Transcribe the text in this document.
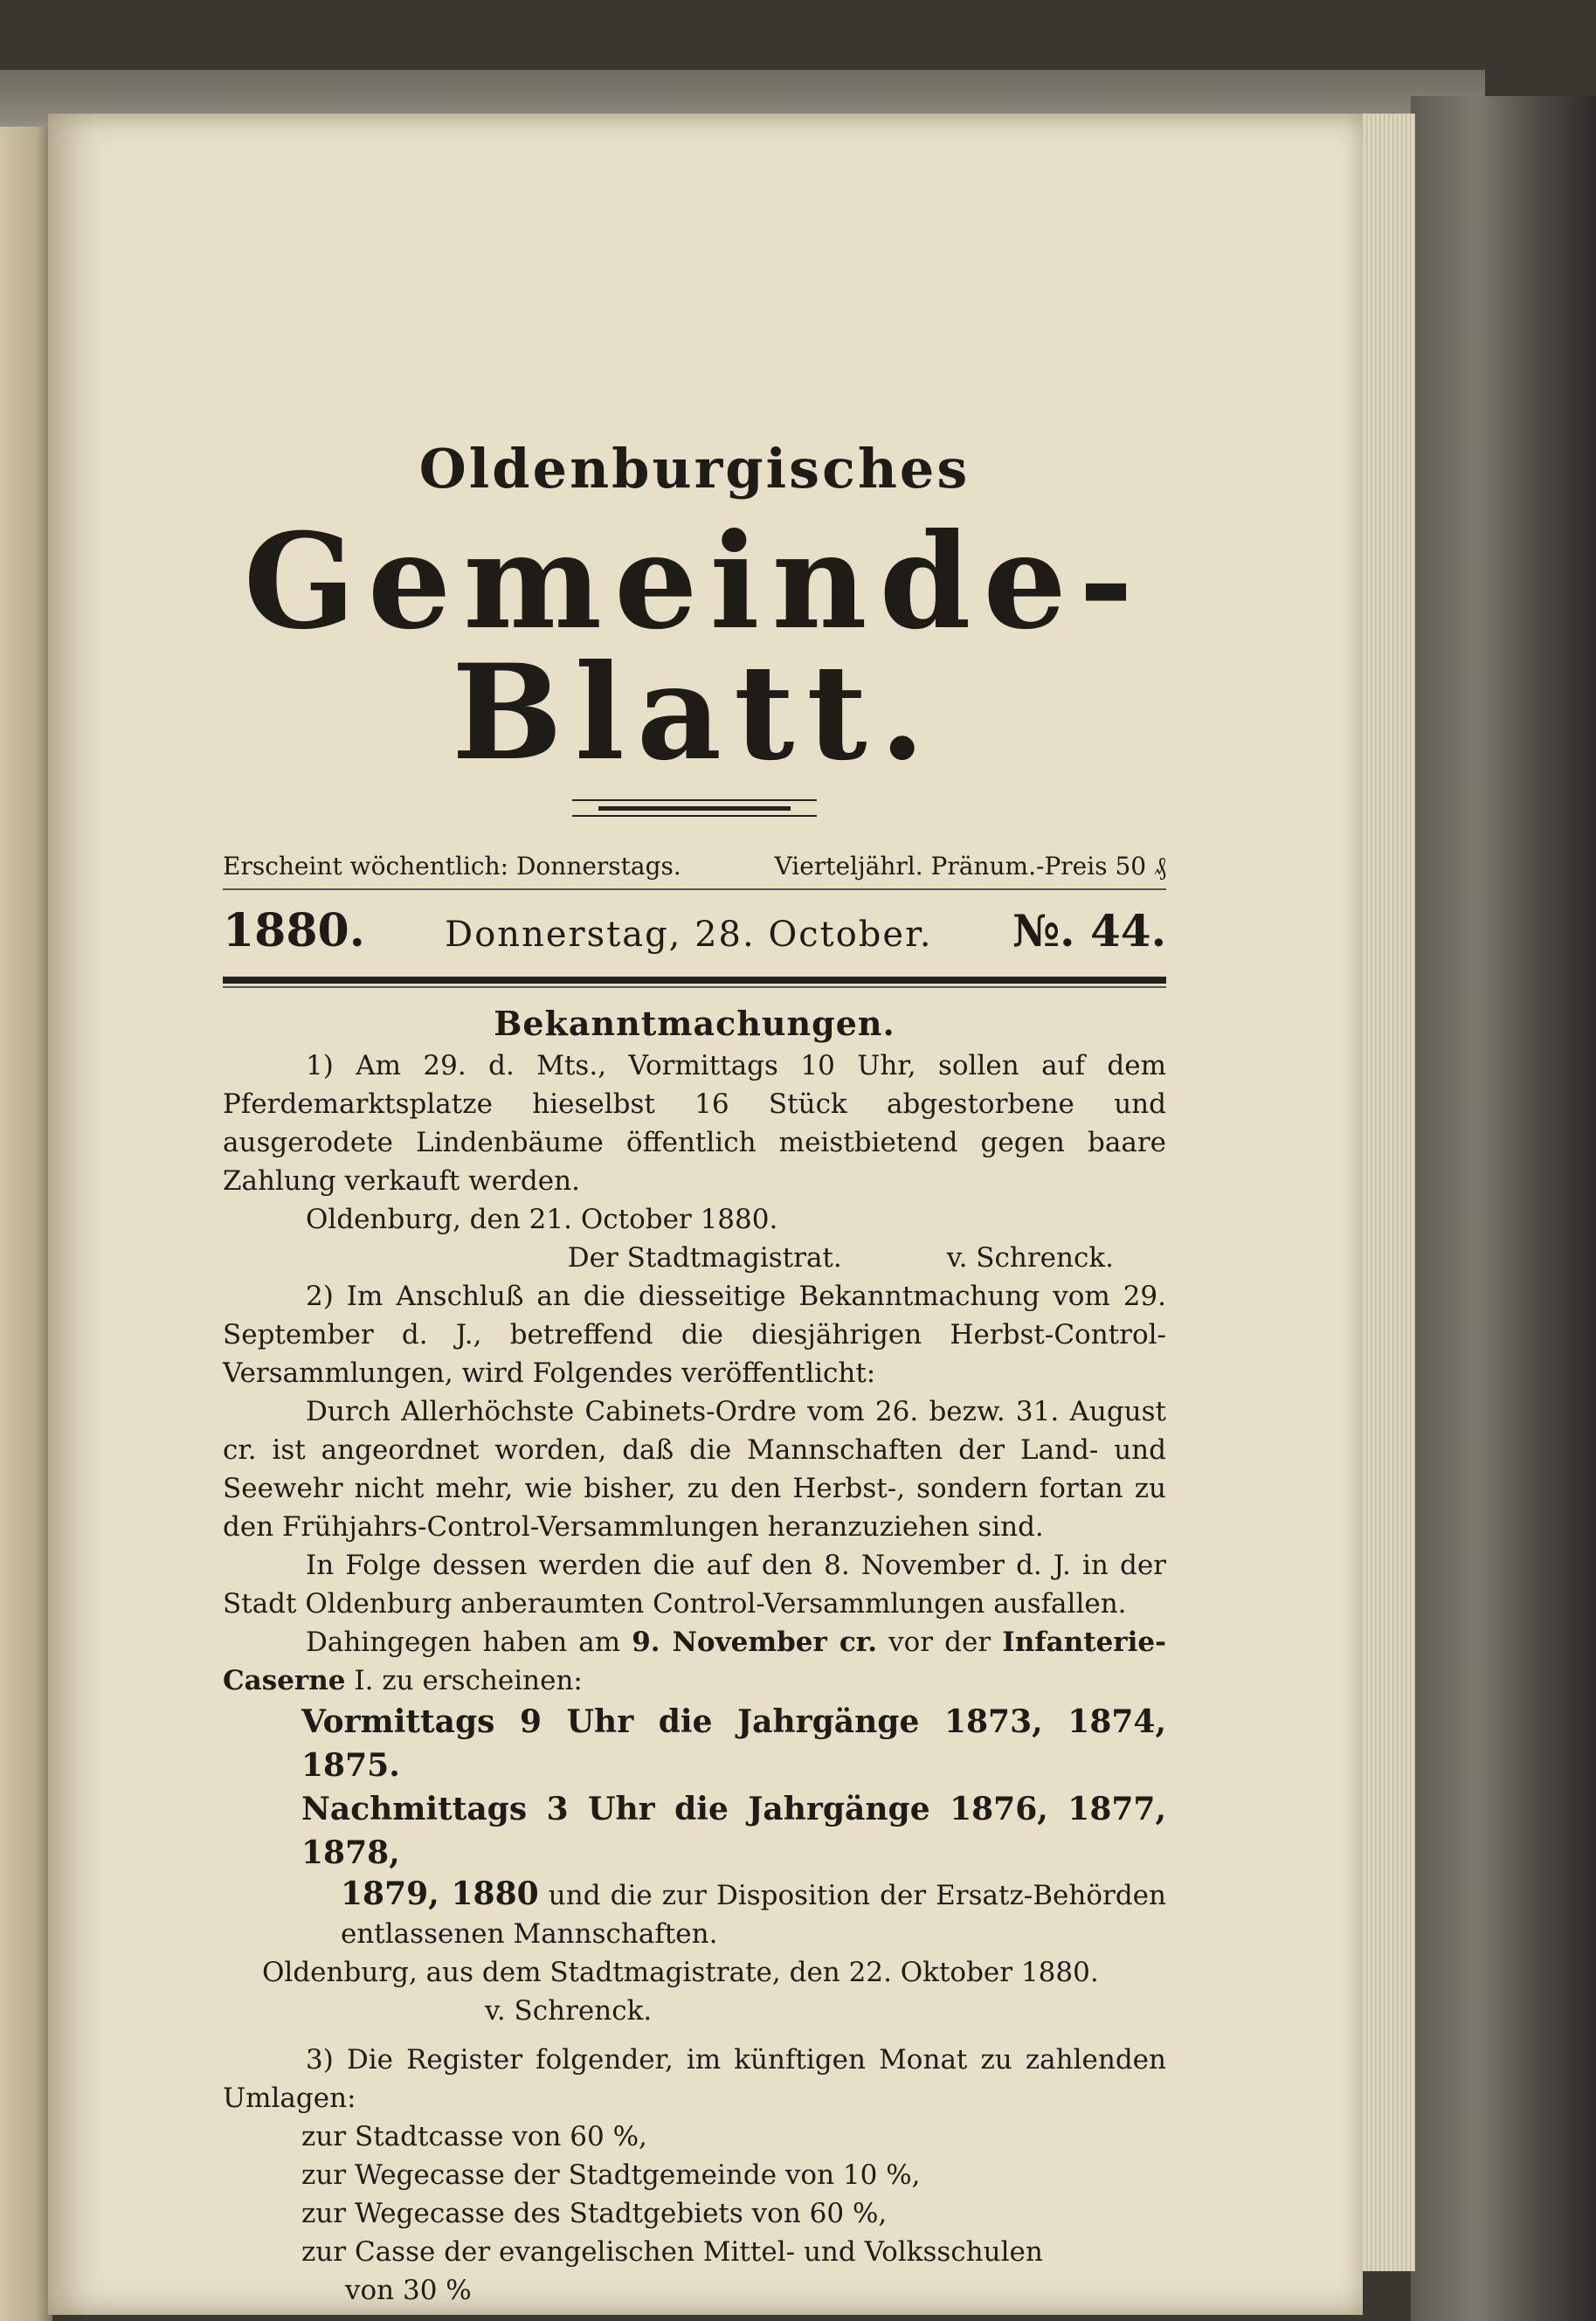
Oldenburgisches
Gemeinde-Blatt.
Erscheint wöchentlich: Donnerstags.	Vierteljährl. Pränum.-Preis 50 ₰
1880. Donnerstag, 28. October. №. 44.
Bekanntmachungen.

1) Am 29. d. Mts., Vormittags 10 Uhr, sollen auf dem Pferdemarktsplatze hieselbst 16 Stück abgestorbene und ausgerodete Lindenbäume öffentlich meistbietend gegen baare Zahlung verkauft werden.

Oldenburg, den 21. October 1880.

Der Stadtmagistrat.	v. Schrenck.

2) Im Anschluß an die diesseitige Bekanntmachung vom 29. September d. J., betreffend die diesjährigen Herbst-Control-Versammlungen, wird Folgendes veröffentlicht:

Durch Allerhöchste Cabinets-Ordre vom 26. bezw. 31. August cr. ist angeordnet worden, daß die Mannschaften der Land- und Seewehr nicht mehr, wie bisher, zu den Herbst-, sondern fortan zu den Frühjahrs-Control-Versammlungen heranzuziehen sind.

In Folge dessen werden die auf den 8. November d. J. in der Stadt Oldenburg anberaumten Control-Versammlungen ausfallen.

Dahingegen haben am 9. November cr. vor der Infanterie-Caserne I. zu erscheinen:

Vormittags 9 Uhr die Jahrgänge 1873, 1874, 1875.

Nachmittags 3 Uhr die Jahrgänge 1876, 1877, 1878,

1879, 1880 und die zur Disposition der Ersatz-Behörden entlassenen Mannschaften.

Oldenburg, aus dem Stadtmagistrate, den 22. Oktober 1880.

v. Schrenck.

3) Die Register folgender, im künftigen Monat zu zahlenden Umlagen:

zur Stadtcasse von 60 %,

zur Wegecasse der Stadtgemeinde von 10 %,

zur Wegecasse des Stadtgebiets von 60 %,

zur Casse der evangelischen Mittel- und Volksschulen

von 30 %
